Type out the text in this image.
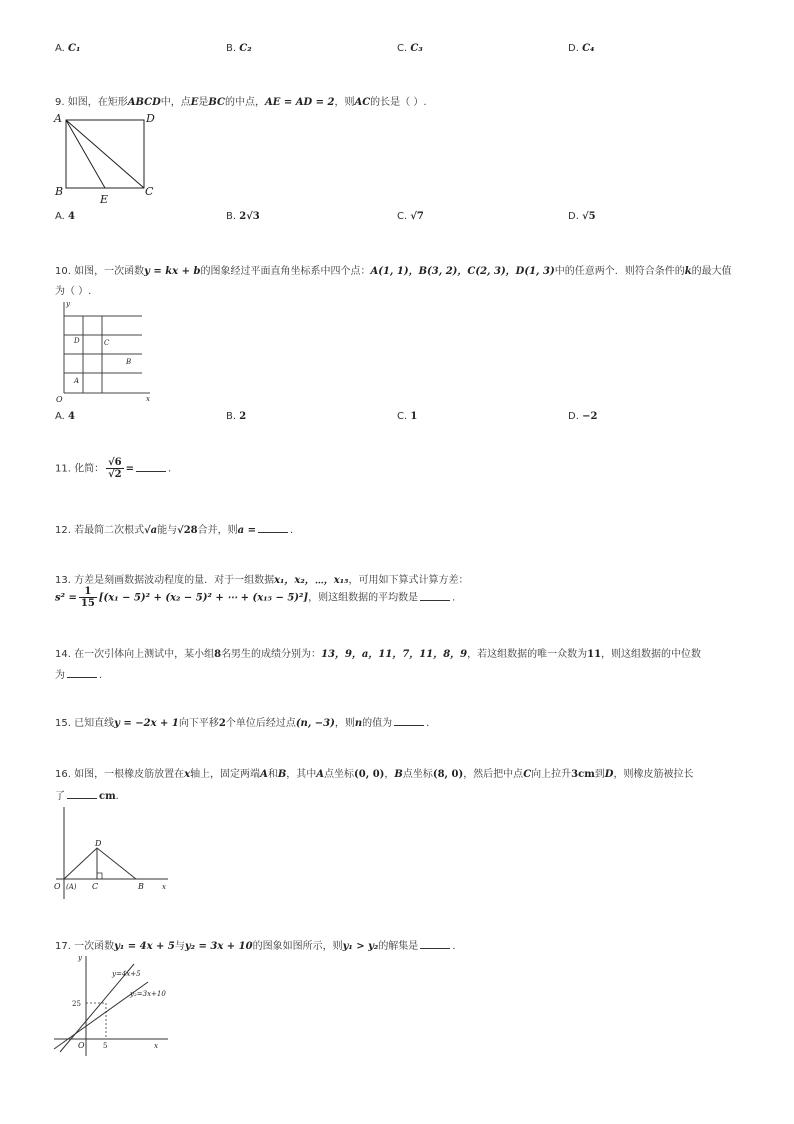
A. C₁	B. C₂	C. C₃	D. C₄
9. 如图，在矩形ABCD中，点E是BC的中点，AE = AD = 2，则AC的长是（ ）.
A	D
B	C
E
A. 4	B. 2√3	C. √7	D. √5
10. 如图，一次函数y = kx + b的图象经过平面直角坐标系中四个点：A(1, 1)，B(3, 2)，C(2, 3)，D(1, 3)中的任意两个．则符合条件的k的最大值
为（ ）.
y
x
O
A
B
C
D
A. 4	B. 2	C. 1	D. −2
11. 化简： $\frac{√6}{√2}$ =	.
12. 若最简二次根式√a能与√28合并，则a =	.
13. 方差是刻画数据波动程度的量．对于一组数据x₁，x₂，⋯，x₁₅，可用如下算式计算方差：
$s^2 = \frac{1}{15} [(x_1 - 5)^2 + (x_2 - 5)^2$ + ⋯ + (x₁₅ − 5)²]，则这组数据的平均数是	.
14. 在一次引体向上测试中，某小组8名男生的成绩分别为：13，9，a，11，7，11，8，9，若这组数据的唯一众数为11，则这组数据的中位数
为	.
15. 已知直线y = −2x + 1向下平移2个单位后经过点(n, −3)，则n的值为	.
16. 如图，一根橡皮筋放置在x轴上，固定两端A和B，其中A点坐标(0, 0)，B点坐标(8, 0)，然后把中点C向上拉升3cm到D，则橡皮筋被拉长
了	cm.
D
O (A) C	B	x
17. 一次函数y₁ = 4x + 5与y₂ = 3x + 10的图象如图所示，则y₁ > y₂的解集是	.
y
x
O
y=4x+5
y₂=3x+10
25
5
